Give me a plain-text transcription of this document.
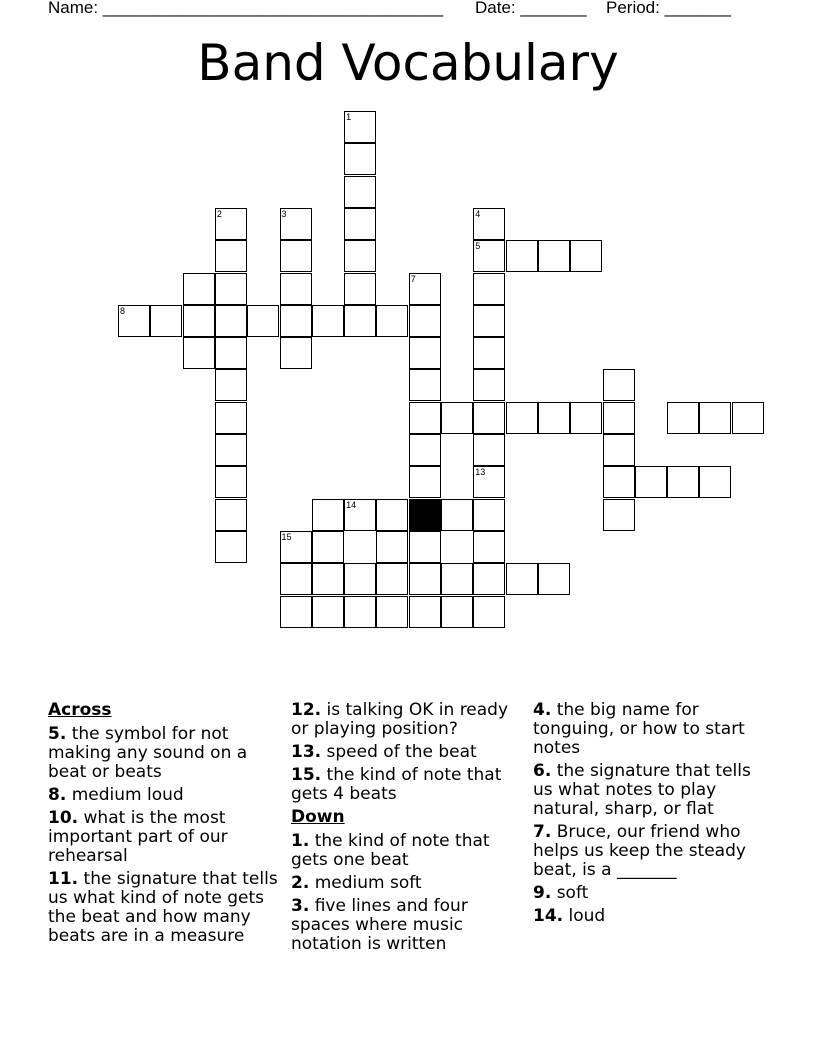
Name: ____________________________________ Date: _______ Period: _______
Band Vocabulary
1
2	3	4
5
13
8
7
14
15
Across
5. the symbol for not making any sound on a beat or beats
8. medium loud
10. what is the most important part of our rehearsal
11. the signature that tells us what kind of note gets the beat and how many beats are in a measure
12. is talking OK in ready or playing position?
13. speed of the beat
15. the kind of note that gets 4 beats
Down
1. the kind of note that gets one beat
2. medium soft
3. five lines and four spaces where music notation is written
4. the big name for tonguing, or how to start notes
6. the signature that tells us what notes to play natural, sharp, or flat
7. Bruce, our friend who helps us keep the steady beat, is a _______
9. soft
14. loud
